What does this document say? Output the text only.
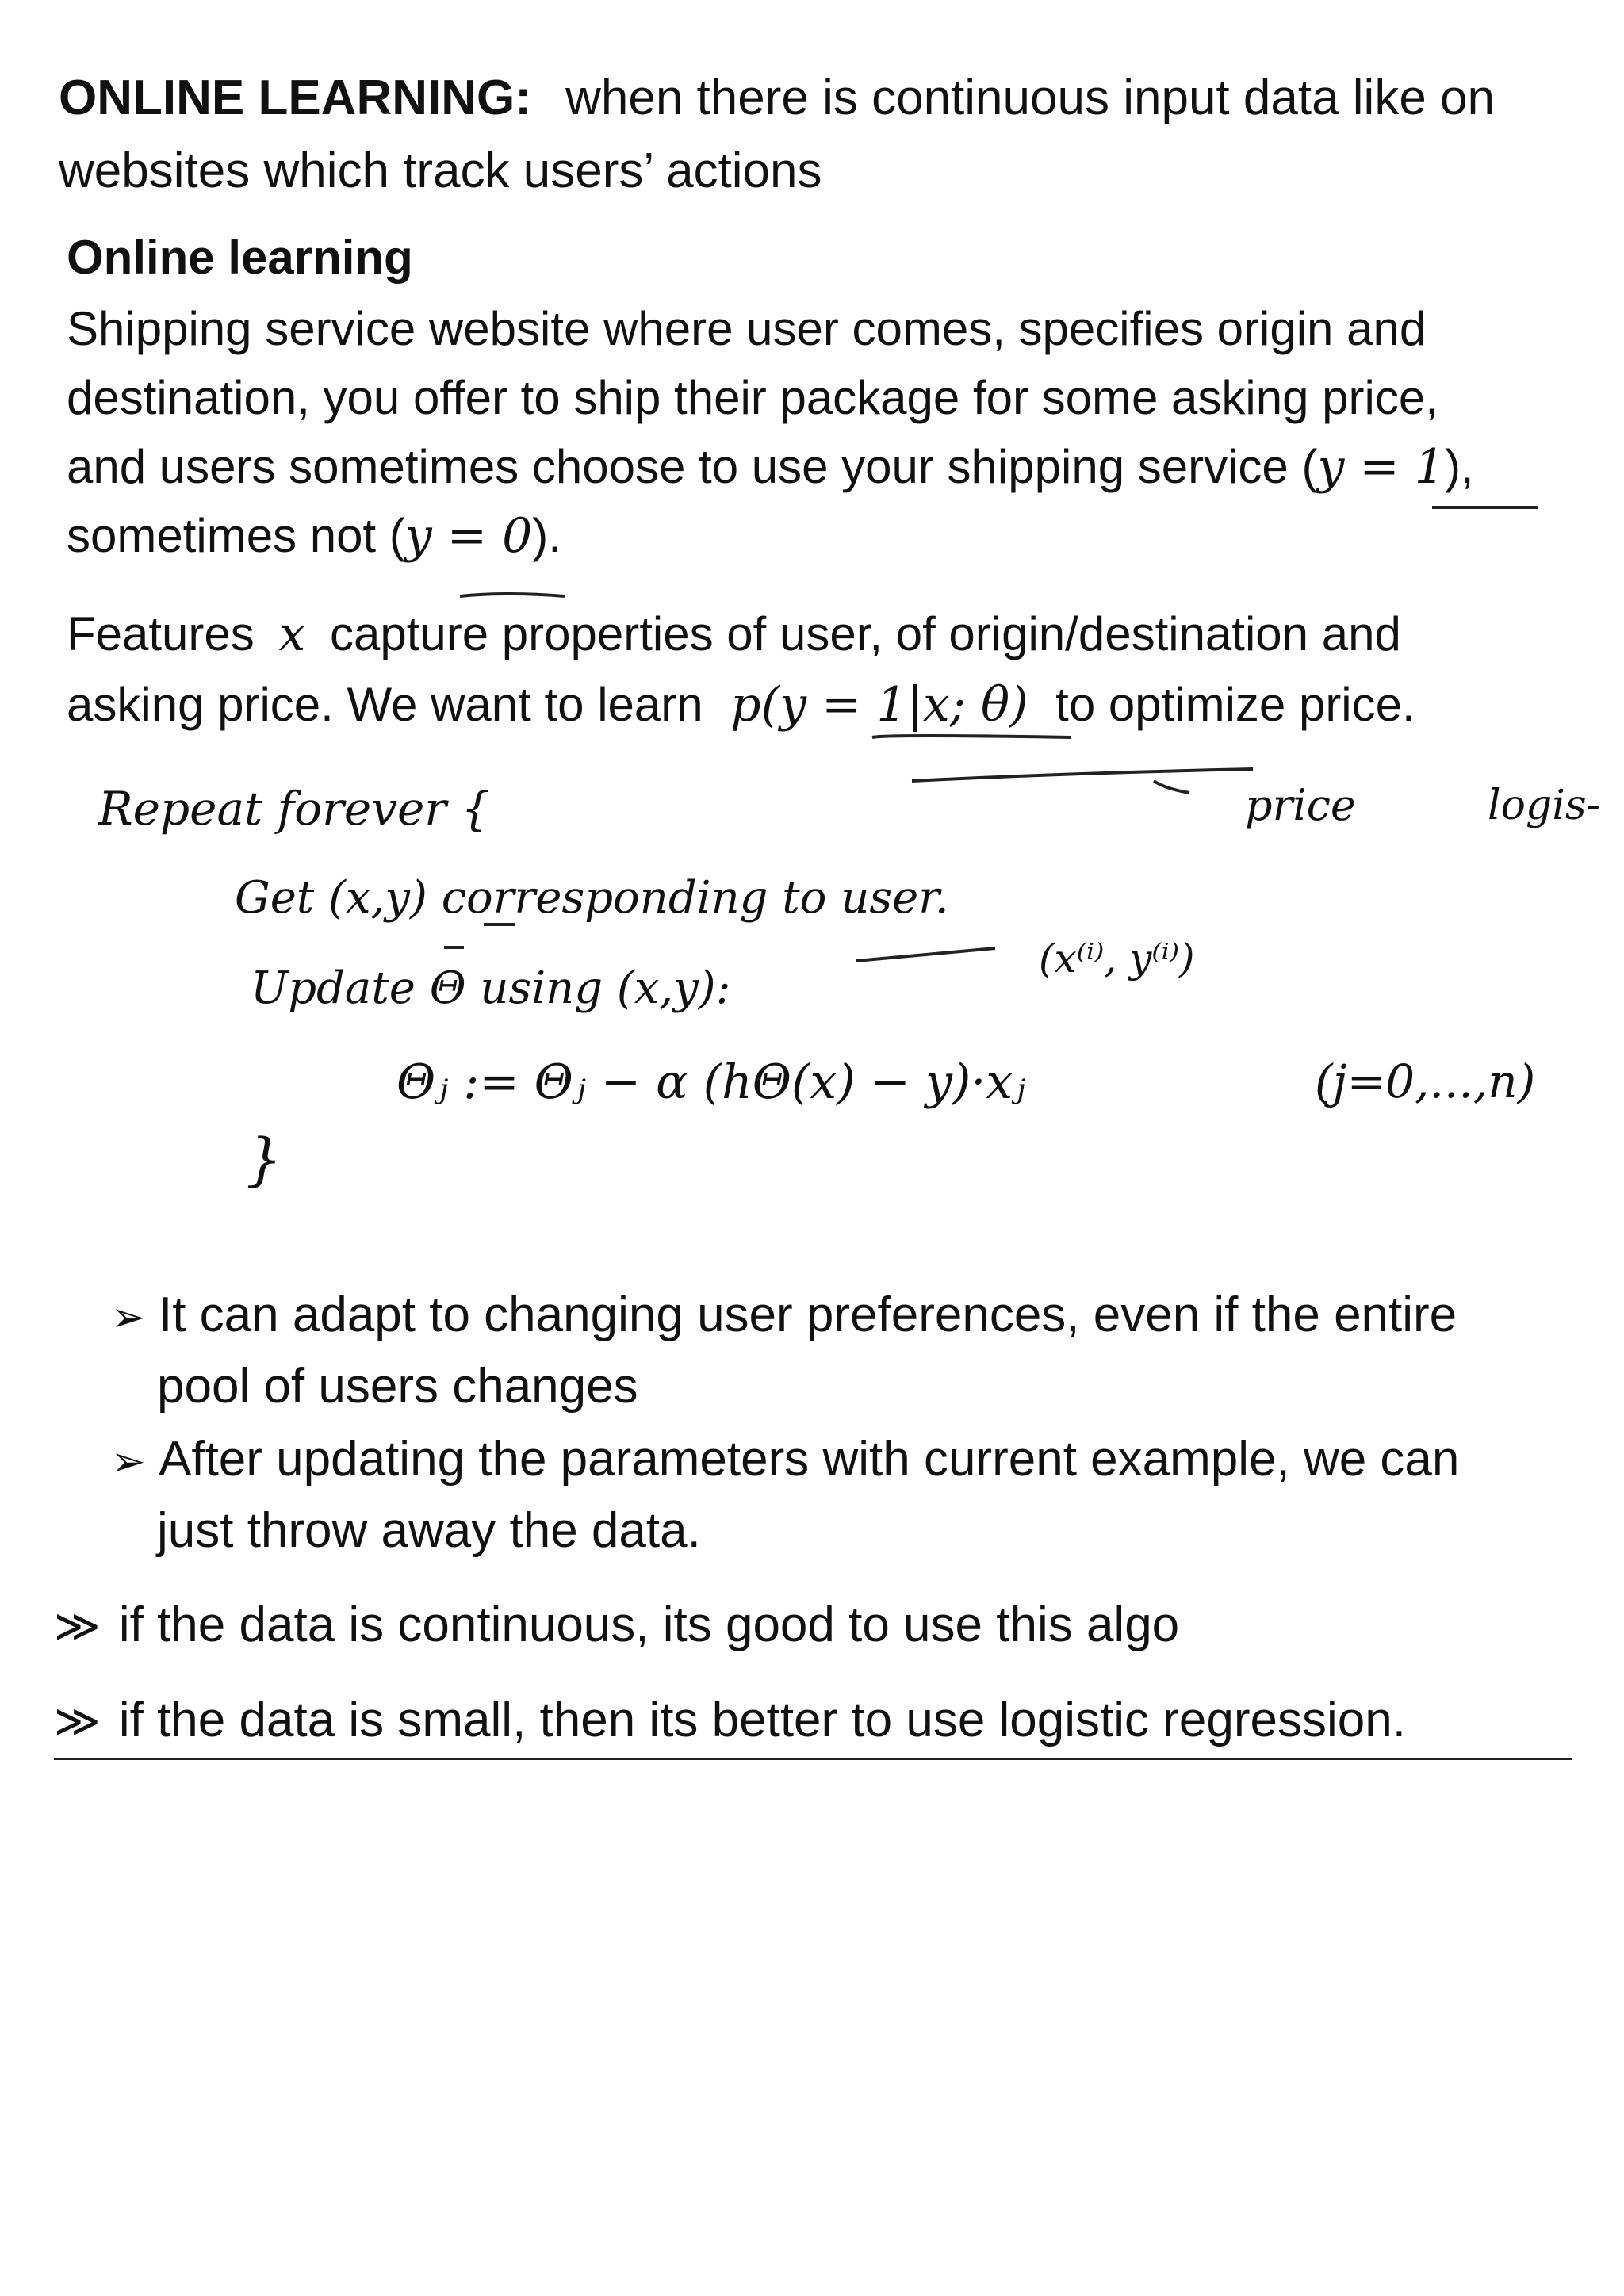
ONLINE LEARNING: when there is continuous input data like on
websites which track users’ actions
Online learning
Shipping service website where user comes, specifies origin and
destination, you offer to ship their package for some asking price,
and users sometimes choose to use your shipping service (y = 1),
sometimes not (y = 0).
Features x capture properties of user, of origin/destination and
asking price. We want to learn p(y = 1|x; θ) to optimize price.
Repeat forever {	price	logis-
Get (x,y) corresponding to user.
Update Θ using (x,y):
(x⁽ⁱ⁾, y⁽ⁱ⁾)
Θⱼ := Θⱼ − α (hΘ(x) − y)·xⱼ	(j=0,...,n)
}
➢ It can adapt to changing user preferences, even if the entire
pool of users changes
➢ After updating the parameters with current example, we can
just throw away the data.
≫ if the data is continuous, its good to use this algo
≫ if the data is small, then its better to use logistic regression.
